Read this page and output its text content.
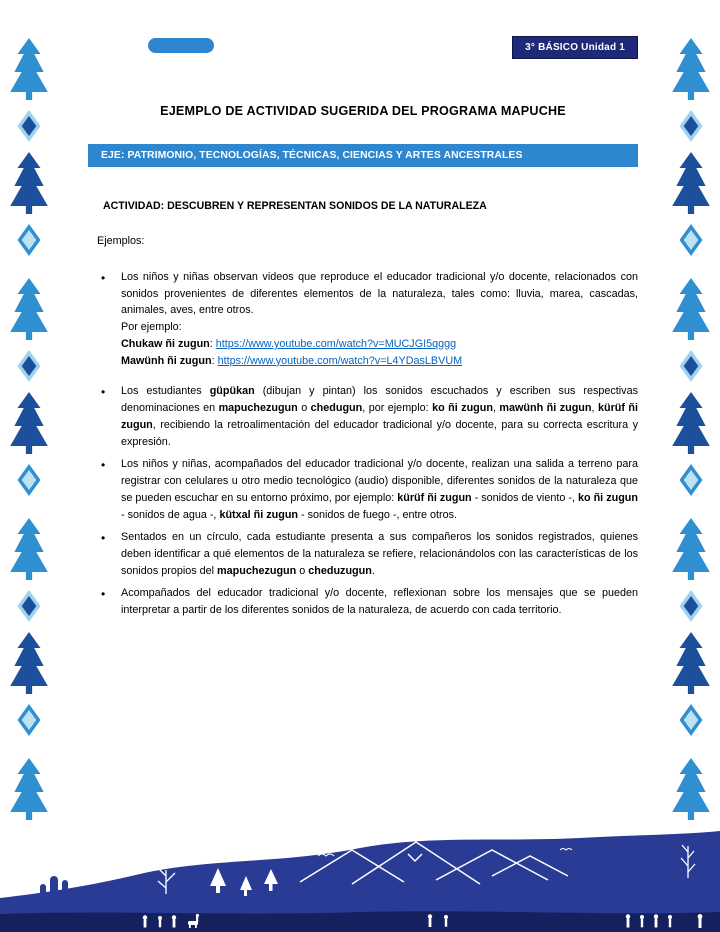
3° BÁSICO Unidad 1
EJEMPLO DE ACTIVIDAD SUGERIDA DEL PROGRAMA MAPUCHE
EJE: PATRIMONIO, TECNOLOGÍAS, TÉCNICAS, CIENCIAS Y ARTES ANCESTRALES
ACTIVIDAD: DESCUBREN Y REPRESENTAN SONIDOS DE LA NATURALEZA
Ejemplos:
• Los niños y niñas observan videos que reproduce el educador tradicional y/o docente, relacionados con sonidos provenientes de diferentes elementos de la naturaleza, tales como: lluvia, marea, cascadas, animales, aves, entre otros.
Por ejemplo:
Chukaw ñi zugun: https://www.youtube.com/watch?v=MUCJGI5qggg
Mawünh ñi zugun: https://www.youtube.com/watch?v=L4YDasLBVUM
• Los estudiantes güpükan (dibujan y pintan) los sonidos escuchados y escriben sus respectivas denominaciones en mapuchezugun o chedugun, por ejemplo: ko ñi zugun, mawünh ñi zugun, kürüf ñi zugun, recibiendo la retroalimentación del educador tradicional y/o docente, para su correcta escritura y expresión.
• Los niños y niñas, acompañados del educador tradicional y/o docente, realizan una salida a terreno para registrar con celulares u otro medio tecnológico (audio) disponible, diferentes sonidos de la naturaleza que se pueden escuchar en su entorno próximo, por ejemplo: kürüf ñi zugun - sonidos de viento -, ko ñi zugun - sonidos de agua -, kütxal ñi zugun - sonidos de fuego -, entre otros.
• Sentados en un círculo, cada estudiante presenta a sus compañeros los sonidos registrados, quienes deben identificar a qué elementos de la naturaleza se refiere, relacionándolos con las características de los sonidos propios del mapuchezugun o cheduzugun.
• Acompañados del educador tradicional y/o docente, reflexionan sobre los mensajes que se pueden interpretar a partir de los diferentes sonidos de la naturaleza, de acuerdo con cada territorio.
